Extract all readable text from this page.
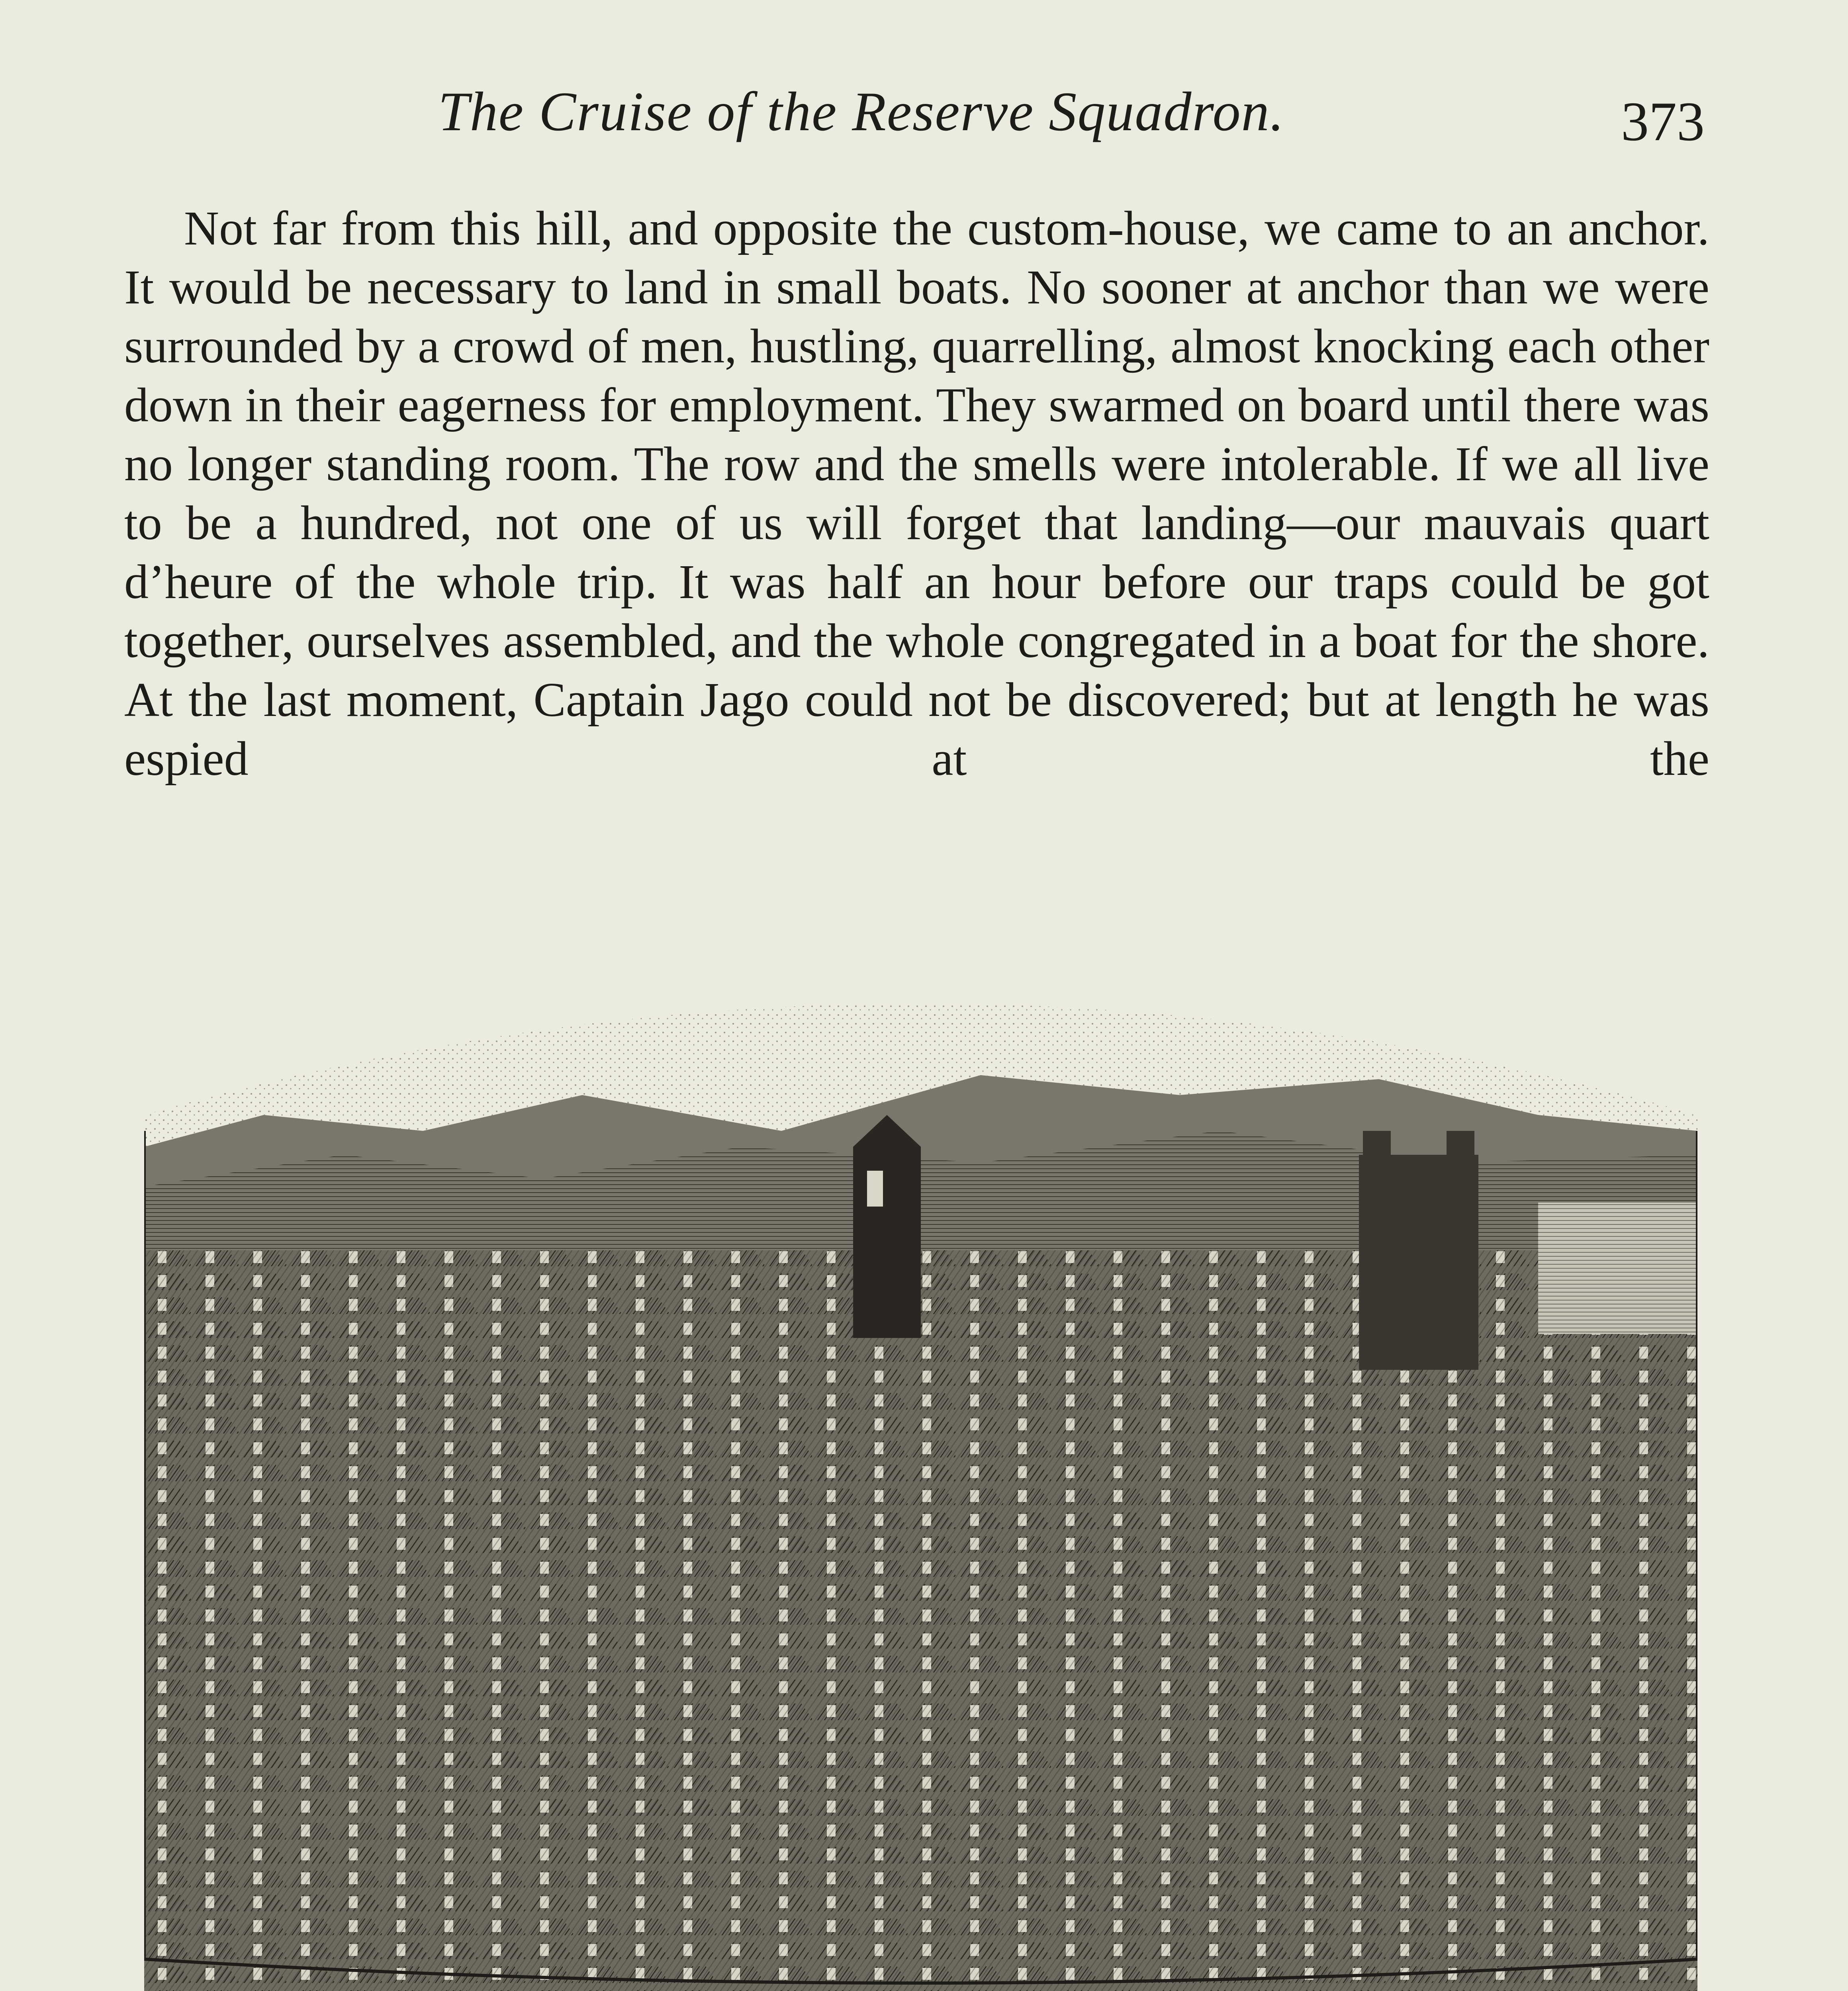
The Cruise of the Reserve Squadron.	373

Not far from this hill, and opposite the custom-house, we came to an anchor. It would be necessary to land in small boats. No sooner at anchor than we were surrounded by a crowd of men, hustling, quarrelling, almost knocking each other down in their eagerness for employment. They swarmed on board until there was no longer standing room. The row and the smells were intolerable. If we all live to be a hundred, not one of us will forget that landing—our mauvais quart d’heure of the whole trip. It was half an hour before our traps could be got together, ourselves assembled, and the whole congregated in a boat for the shore. At the last moment, Captain Jago could not be discovered; but at length he was espied at the
